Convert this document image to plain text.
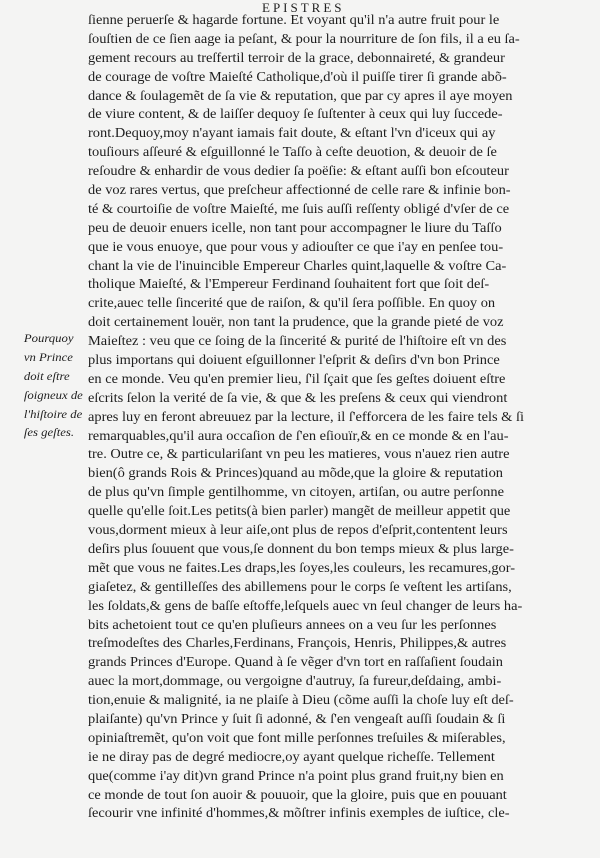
EPISTRES
ſienne peruerſe & hagarde fortune. Et voyant qu'il n'a autre fruit pour le
ſouſtien de ce ſien aage ia peſant, & pour la nourriture de ſon fils, il a eu ſa-
gement recours au treſfertil terroir de la grace, debonnaireté, & grandeur
de courage de voſtre Maieſté Catholique,d'où il puiſſe tirer ſi grande abõ-
dance & ſoulagemẽt de ſa vie & reputation, que par cy apres il aye moyen
de viure content, & de laiſſer dequoy ſe ſuſtenter à ceux qui luy ſuccede-
ront.Dequoy,moy n'ayant iamais fait doute, & eſtant l'vn d'iceux qui ay
touſiours aſſeuré & eſguillonné le Taſſo à ceſte deuotion, & deuoir de ſe
reſoudre & enhardir de vous dedier ſa poëſie: & eſtant auſſi bon eſcouteur
de voz rares vertus, que preſcheur affectionné de celle rare & infinie bon-
té & courtoiſie de voſtre Maieſté, me ſuis auſſi reſſenty obligé d'vſer de ce
peu de deuoir enuers icelle, non tant pour accompagner le liure du Taſſo
que ie vous enuoye, que pour vous y adiouſter ce que i'ay en penſee tou-
chant la vie de l'inuincible Empereur Charles quint,laquelle & voſtre Ca-
tholique Maieſté, & l'Empereur Ferdinand ſouhaitent fort que ſoit deſ-
crite,auec telle ſincerité que de raiſon, & qu'il ſera poſſible. En quoy on
doit certainement louër, non tant la prudence, que la grande pieté de voz
Maieſtez : veu que ce ſoing de la ſincerité & purité de l'hiſtoire eſt vn des
plus importans qui doiuent eſguillonner l'eſprit & deſirs d'vn bon Prince
en ce monde. Veu qu'en premier lieu, ſ'il ſçait que ſes geſtes doiuent eſtre
eſcrits ſelon la verité de ſa vie, & que & les preſens & ceux qui viendront
apres luy en feront abreuuez par la lecture, il ſ'efforcera de les faire tels & ſi
remarquables,qu'il aura occaſion de ſ'en eſiouïr,& en ce monde & en l'au-
tre. Outre ce, & particulariſant vn peu les matieres, vous n'auez rien autre
bien(ô grands Rois & Princes)quand au mõde,que la gloire & reputation
de plus qu'vn ſimple gentilhomme, vn citoyen, artiſan, ou autre perſonne
quelle qu'elle ſoit.Les petits(à bien parler) mangẽt de meilleur appetit que
vous,dorment mieux à leur aiſe,ont plus de repos d'eſprit,contentent leurs
deſirs plus ſouuent que vous,ſe donnent du bon temps mieux & plus large-
mẽt que vous ne faites.Les draps,les ſoyes,les couleurs, les recamures,gor-
giaſetez, & gentilleſſes des abillemens pour le corps ſe veſtent les artiſans,
les ſoldats,& gens de baſſe eſtoffe,leſquels auec vn ſeul changer de leurs ha-
bits achetoient tout ce qu'en pluſieurs annees on a veu ſur les perſonnes
treſmodeſtes des Charles,Ferdinans, François, Henris, Philippes,& autres
grands Princes d'Europe. Quand à ſe vẽger d'vn tort en raſſaſient ſoudain
auec la mort,dommage, ou vergoigne d'autruy, ſa fureur,deſdaing, ambi-
tion,enuie & malignité, ia ne plaiſe à Dieu (cõme auſſi la choſe luy eſt deſ-
plaiſante) qu'vn Prince y ſuit ſi adonné, & ſ'en vengeaſt auſſi ſoudain & ſi
opiniaſtremẽt, qu'on voit que font mille perſonnes treſuiles & miſerables,
ie ne diray pas de degré mediocre,oy ayant quelque richeſſe. Tellement
que(comme i'ay dit)vn grand Prince n'a point plus grand fruit,ny bien en
ce monde de tout ſon auoir & pouuoir, que la gloire, puis que en pouuant
ſecourir vne infinité d'hommes,& mõſtrer infinis exemples de iuſtice, cle-
Pourquoy
vn Prince
doit eſtre
ſoigneux de
l'hiſtoire de
ſes geſtes.
